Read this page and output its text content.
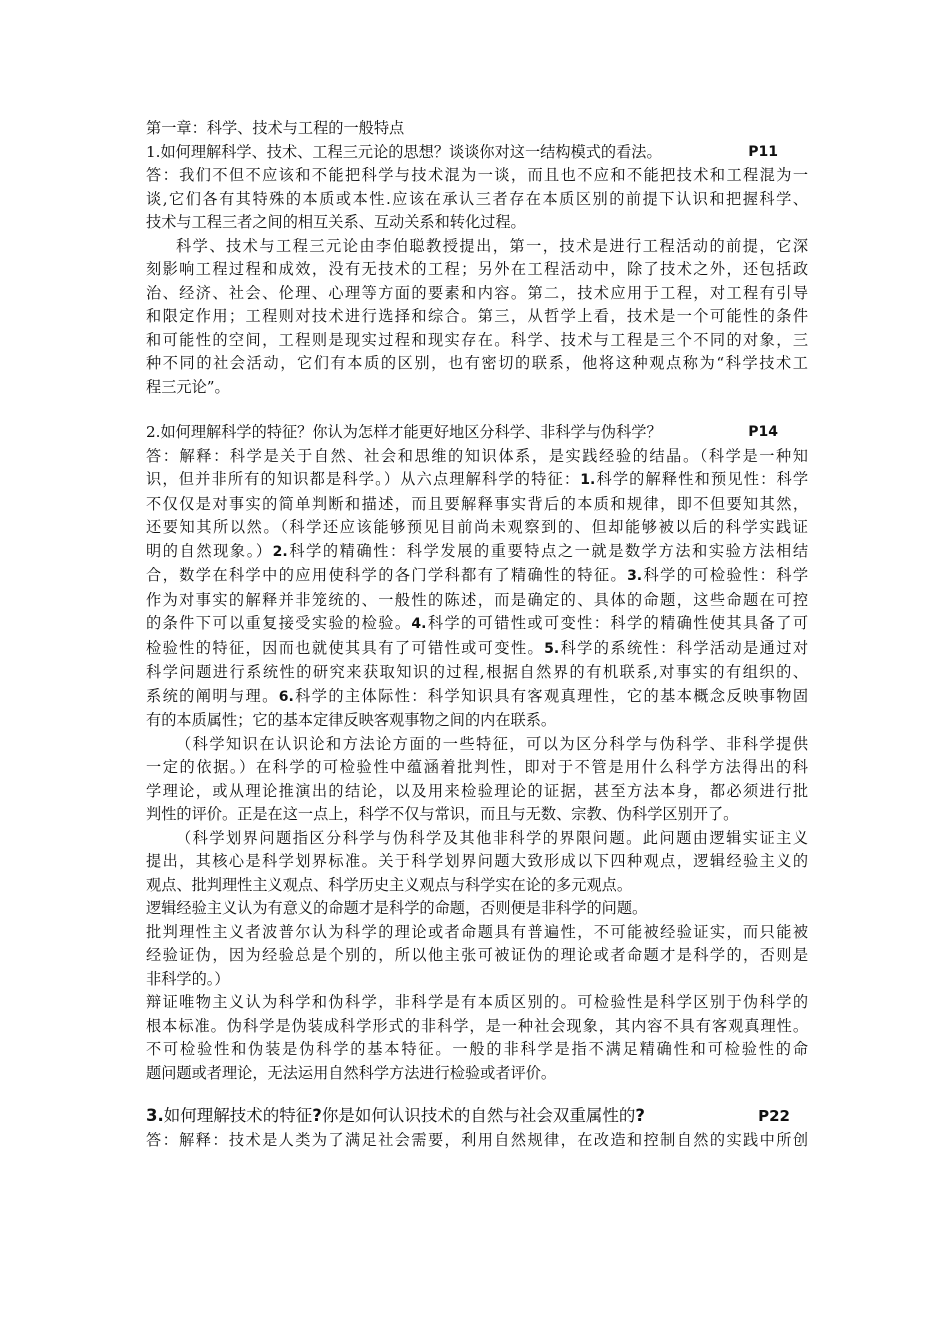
第一章：科学、技术与工程的一般特点
1.如何理解科学、技术、工程三元论的思想？谈谈你对这一结构模式的看法。	P11
答：我们不但不应该和不能把科学与技术混为一谈，而且也不应和不能把技术和工程混为一
谈,它们各有其特殊的本质或本性.应该在承认三者存在本质区别的前提下认识和把握科学、
技术与工程三者之间的相互关系、互动关系和转化过程。
科学、技术与工程三元论由李伯聪教授提出，第一，技术是进行工程活动的前提，它深
刻影响工程过程和成效，没有无技术的工程；另外在工程活动中，除了技术之外，还包括政
治、经济、社会、伦理、心理等方面的要素和内容。第二，技术应用于工程，对工程有引导
和限定作用；工程则对技术进行选择和综合。第三，从哲学上看，技术是一个可能性的条件
和可能性的空间，工程则是现实过程和现实存在。科学、技术与工程是三个不同的对象，三
种不同的社会活动，它们有本质的区别，也有密切的联系，他将这种观点称为“科学技术工
程三元论”。
2.如何理解科学的特征？你认为怎样才能更好地区分科学、非科学与伪科学？	P14
答：解释：科学是关于自然、社会和思维的知识体系，是实践经验的结晶。（科学是一种知
识，但并非所有的知识都是科学。）从六点理解科学的特征：1.科学的解释性和预见性：科学
不仅仅是对事实的简单判断和描述，而且要解释事实背后的本质和规律，即不但要知其然，
还要知其所以然。（科学还应该能够预见目前尚未观察到的、但却能够被以后的科学实践证
明的自然现象。）2.科学的精确性：科学发展的重要特点之一就是数学方法和实验方法相结
合，数学在科学中的应用使科学的各门学科都有了精确性的特征。3.科学的可检验性：科学
作为对事实的解释并非笼统的、一般性的陈述，而是确定的、具体的命题，这些命题在可控
的条件下可以重复接受实验的检验。4.科学的可错性或可变性：科学的精确性使其具备了可
检验性的特征，因而也就使其具有了可错性或可变性。5.科学的系统性：科学活动是通过对
科学问题进行系统性的研究来获取知识的过程,根据自然界的有机联系,对事实的有组织的、
系统的阐明与理。6.科学的主体际性：科学知识具有客观真理性，它的基本概念反映事物固
有的本质属性；它的基本定律反映客观事物之间的内在联系。
（科学知识在认识论和方法论方面的一些特征，可以为区分科学与伪科学、非科学提供
一定的依据。）在科学的可检验性中蕴涵着批判性，即对于不管是用什么科学方法得出的科
学理论，或从理论推演出的结论，以及用来检验理论的证据，甚至方法本身，都必须进行批
判性的评价。正是在这一点上，科学不仅与常识，而且与无数、宗教、伪科学区别开了。
（科学划界问题指区分科学与伪科学及其他非科学的界限问题。此问题由逻辑实证主义
提出，其核心是科学划界标准。关于科学划界问题大致形成以下四种观点，逻辑经验主义的
观点、批判理性主义观点、科学历史主义观点与科学实在论的多元观点。
逻辑经验主义认为有意义的命题才是科学的命题，否则便是非科学的问题。
批判理性主义者波普尔认为科学的理论或者命题具有普遍性，不可能被经验证实，而只能被
经验证伪，因为经验总是个别的，所以他主张可被证伪的理论或者命题才是科学的，否则是
非科学的。）
辩证唯物主义认为科学和伪科学，非科学是有本质区别的。可检验性是科学区别于伪科学的
根本标准。伪科学是伪装成科学形式的非科学，是一种社会现象，其内容不具有客观真理性。
不可检验性和伪装是伪科学的基本特征。一般的非科学是指不满足精确性和可检验性的命
题问题或者理论，无法运用自然科学方法进行检验或者评价。
3.如何理解技术的特征?你是如何认识技术的自然与社会双重属性的?	P22
答：解释：技术是人类为了满足社会需要，利用自然规律，在改造和控制自然的实践中所创
